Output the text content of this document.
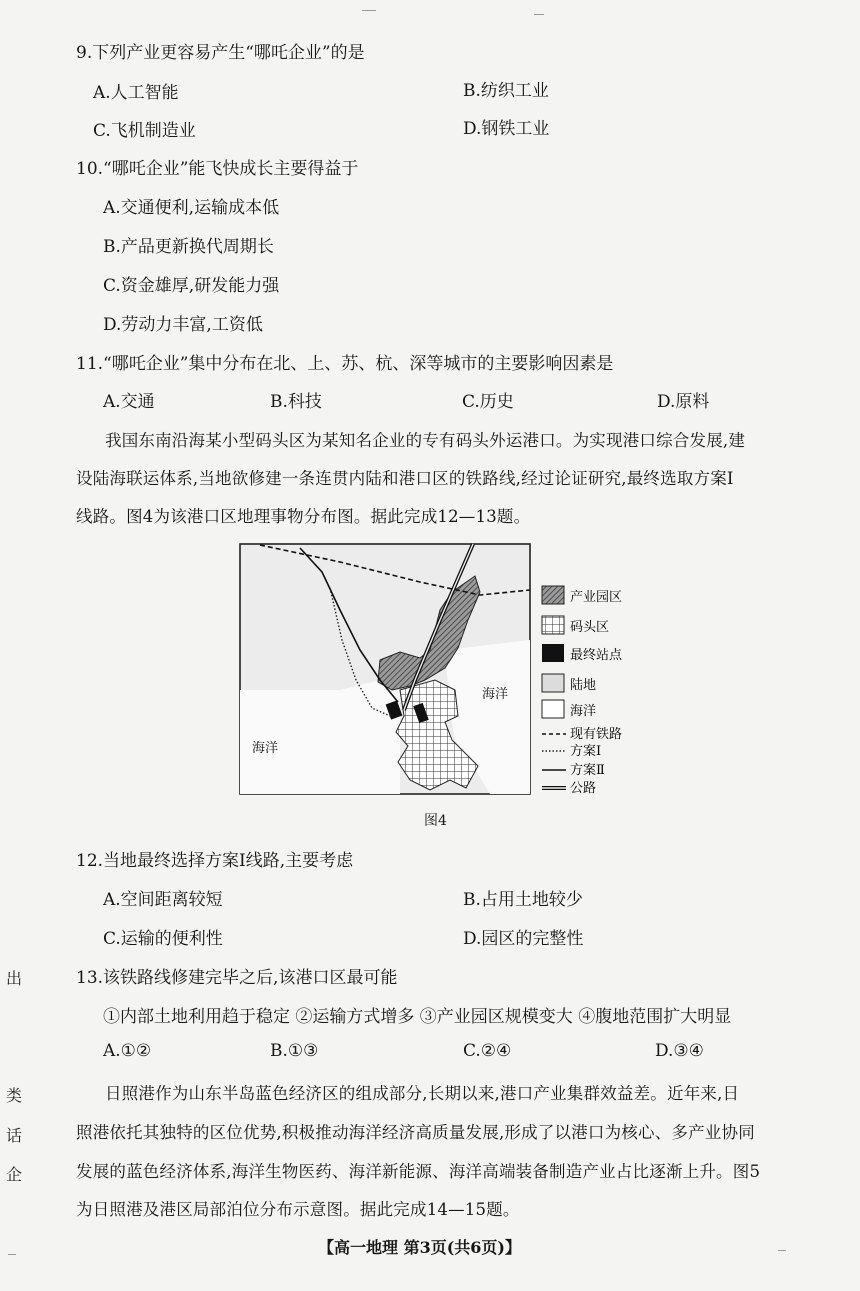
9.下列产业更容易产生“哪吒企业”的是
A.人工智能	B.纺织工业
C.飞机制造业	D.钢铁工业
10.“哪吒企业”能飞快成长主要得益于
A.交通便利,运输成本低
B.产品更新换代周期长
C.资金雄厚,研发能力强
D.劳动力丰富,工资低
11.“哪吒企业”集中分布在北、上、苏、杭、深等城市的主要影响因素是
A.交通	B.科技	C.历史	D.原料
我国东南沿海某小型码头区为某知名企业的专有码头外运港口。为实现港口综合发展,建
设陆海联运体系,当地欲修建一条连贯内陆和港口区的铁路线,经过论证研究,最终选取方案Ⅰ
线路。图4为该港口区地理事物分布图。据此完成12—13题。
海洋
海洋
产业园区
码头区
最终站点
陆地
海洋
现有铁路
方案Ⅰ
方案Ⅱ
公路
图4
12.当地最终选择方案Ⅰ线路,主要考虑
A.空间距离较短	B.占用土地较少
C.运输的便利性	D.园区的完整性
13.该铁路线修建完毕之后,该港口区最可能
①内部土地利用趋于稳定 ②运输方式增多 ③产业园区规模变大 ④腹地范围扩大明显
A.①②	B.①③	C.②④	D.③④
日照港作为山东半岛蓝色经济区的组成部分,长期以来,港口产业集群效益差。近年来,日
照港依托其独特的区位优势,积极推动海洋经济高质量发展,形成了以港口为核心、多产业协同
发展的蓝色经济体系,海洋生物医药、海洋新能源、海洋高端装备制造产业占比逐渐上升。图5
为日照港及港区局部泊位分布示意图。据此完成14—15题。
【高一地理 第3页(共6页)】
出
类
话
企
